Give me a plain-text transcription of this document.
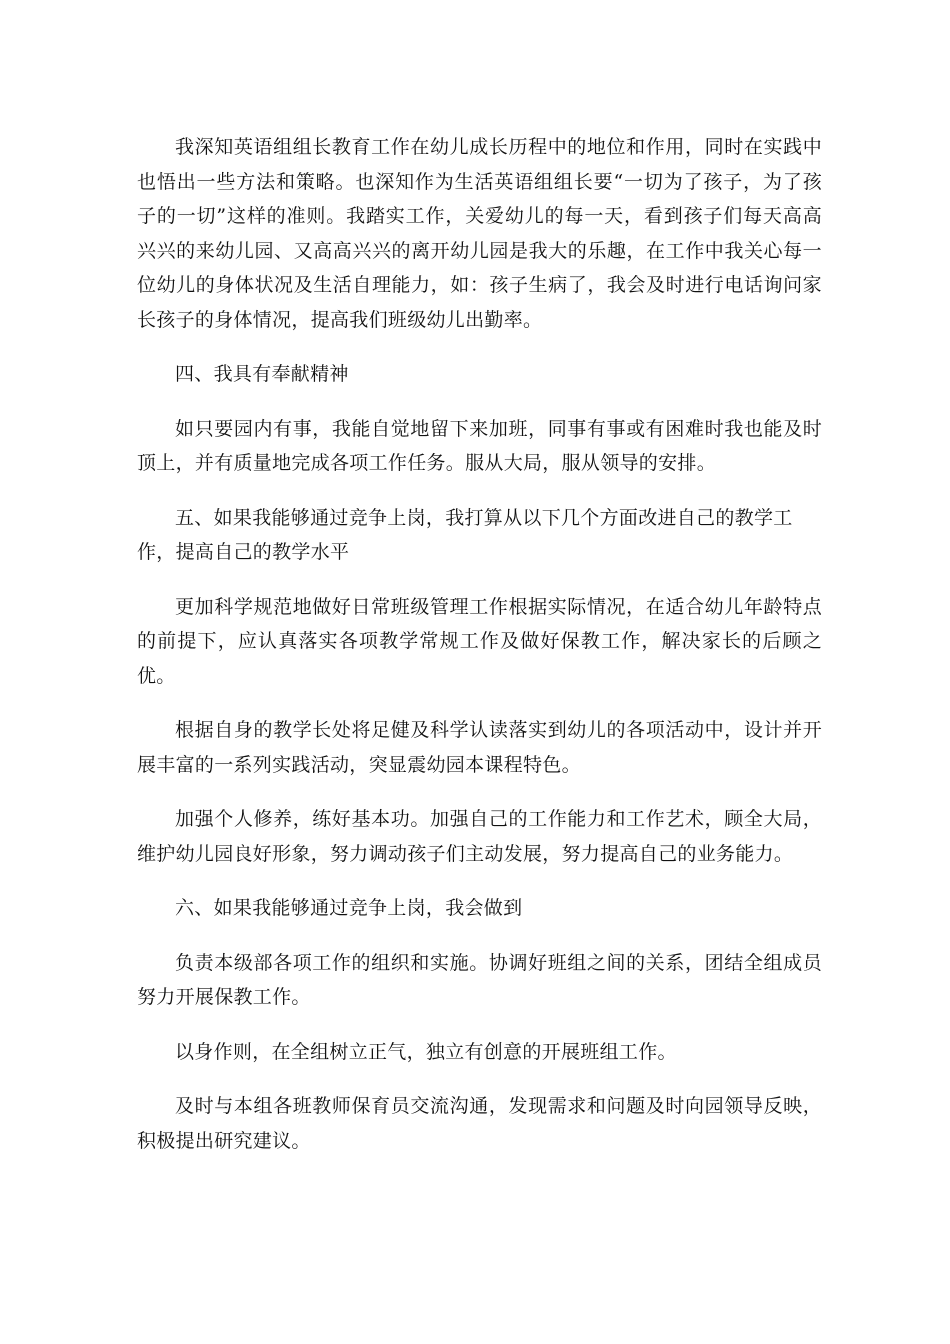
我深知英语组组长教育工作在幼儿成长历程中的地位和作用，同时在实践中也悟出一些方法和策略。也深知作为生活英语组组长要“一切为了孩子，为了孩子的一切”这样的准则。我踏实工作，关爱幼儿的每一天，看到孩子们每天高高兴兴的来幼儿园、又高高兴兴的离开幼儿园是我大的乐趣，在工作中我关心每一位幼儿的身体状况及生活自理能力，如：孩子生病了，我会及时进行电话询问家长孩子的身体情况，提高我们班级幼儿出勤率。

四、我具有奉献精神

如只要园内有事，我能自觉地留下来加班，同事有事或有困难时我也能及时顶上，并有质量地完成各项工作任务。服从大局，服从领导的安排。

五、如果我能够通过竞争上岗，我打算从以下几个方面改进自己的教学工作，提高自己的教学水平

更加科学规范地做好日常班级管理工作根据实际情况，在适合幼儿年龄特点的前提下，应认真落实各项教学常规工作及做好保教工作，解决家长的后顾之优。

根据自身的教学长处将足健及科学认读落实到幼儿的各项活动中，设计并开展丰富的一系列实践活动，突显震幼园本课程特色。

加强个人修养，练好基本功。加强自己的工作能力和工作艺术，顾全大局，维护幼儿园良好形象，努力调动孩子们主动发展，努力提高自己的业务能力。

六、如果我能够通过竞争上岗，我会做到

负责本级部各项工作的组织和实施。协调好班组之间的关系，团结全组成员努力开展保教工作。

以身作则，在全组树立正气，独立有创意的开展班组工作。

及时与本组各班教师保育员交流沟通，发现需求和问题及时向园领导反映，积极提出研究建议。
